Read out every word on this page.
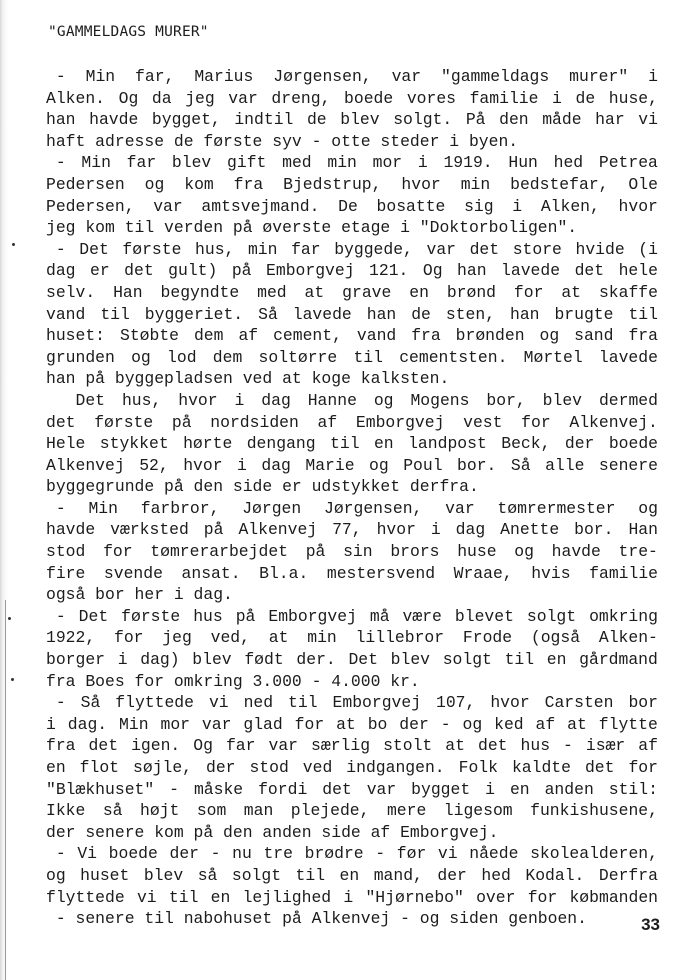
"GAMMELDAGS MURER"
- Min far, Marius Jørgensen, var "gammeldags murer" i
Alken. Og da jeg var dreng, boede vores familie i de huse,
han havde bygget, indtil de blev solgt. På den måde har vi
haft adresse de første syv - otte steder i byen.
- Min far blev gift med min mor i 1919. Hun hed Petrea
Pedersen og kom fra Bjedstrup, hvor min bedstefar, Ole
Pedersen, var amtsvejmand. De bosatte sig i Alken, hvor
jeg kom til verden på øverste etage i "Doktorboligen".
- Det første hus, min far byggede, var det store hvide (i
dag er det gult) på Emborgvej 121. Og han lavede det hele
selv. Han begyndte med at grave en brønd for at skaffe
vand til byggeriet. Så lavede han de sten, han brugte til
huset: Støbte dem af cement, vand fra brønden og sand fra
grunden og lod dem soltørre til cementsten. Mørtel lavede
han på byggepladsen ved at koge kalksten.
Det hus, hvor i dag Hanne og Mogens bor, blev dermed
det første på nordsiden af Emborgvej vest for Alkenvej.
Hele stykket hørte dengang til en landpost Beck, der boede
Alkenvej 52, hvor i dag Marie og Poul bor. Så alle senere
byggegrunde på den side er udstykket derfra.
- Min farbror, Jørgen Jørgensen, var tømrermester og
havde værksted på Alkenvej 77, hvor i dag Anette bor. Han
stod for tømrerarbejdet på sin brors huse og havde tre-
fire svende ansat. Bl.a. mestersvend Wraae, hvis familie
også bor her i dag.
- Det første hus på Emborgvej må være blevet solgt omkring
1922, for jeg ved, at min lillebror Frode (også Alken-
borger i dag) blev født der. Det blev solgt til en gårdmand
fra Boes for omkring 3.000 - 4.000 kr.
- Så flyttede vi ned til Emborgvej 107, hvor Carsten bor
i dag. Min mor var glad for at bo der - og ked af at flytte
fra det igen. Og far var særlig stolt at det hus - især af
en flot søjle, der stod ved indgangen. Folk kaldte det for
"Blækhuset" - måske fordi det var bygget i en anden stil:
Ikke så højt som man plejede, mere ligesom funkishusene,
der senere kom på den anden side af Emborgvej.
- Vi boede der - nu tre brødre - før vi nåede skolealderen,
og huset blev så solgt til en mand, der hed Kodal. Derfra
flyttede vi til en lejlighed i "Hjørnebo" over for købmanden
- senere til nabohuset på Alkenvej - og siden genboen.	33
